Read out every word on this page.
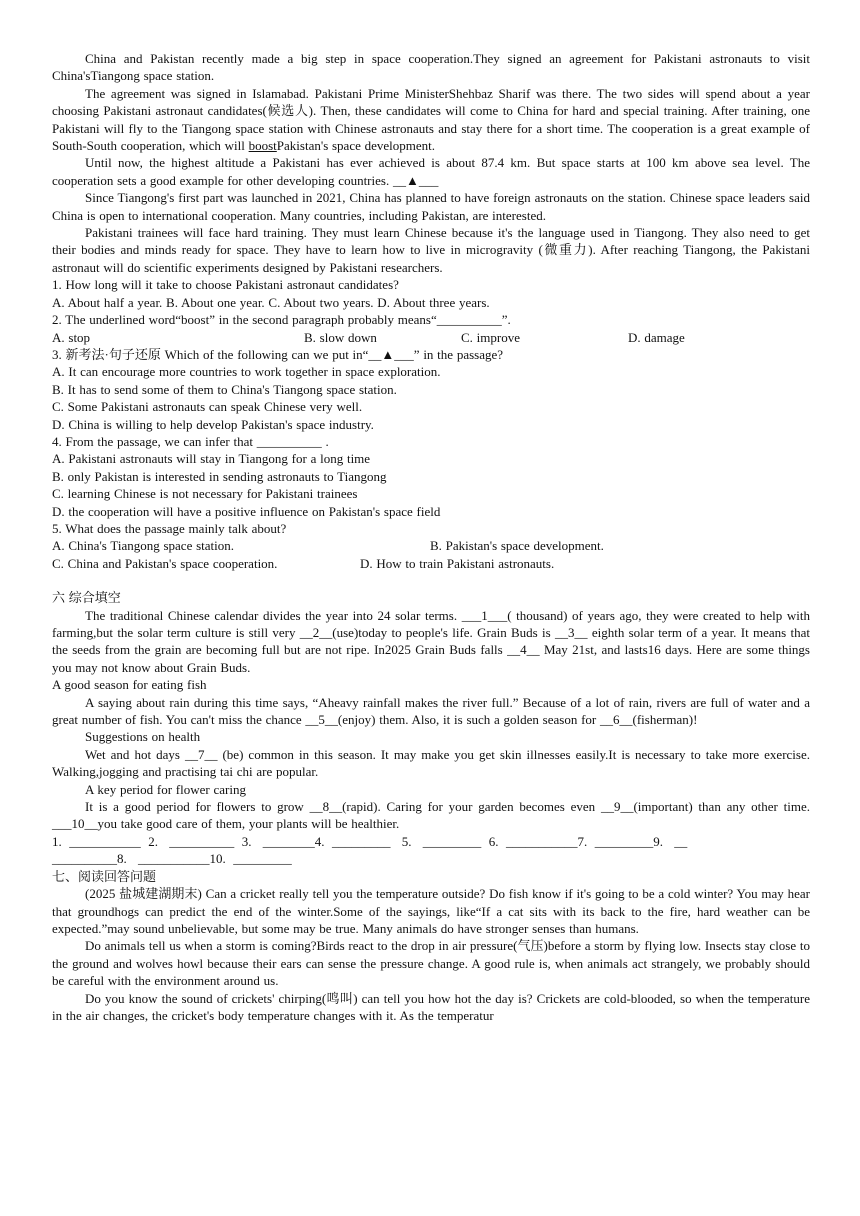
China and Pakistan recently made a big step in space cooperation.They signed an agreement for Pakistani astronauts to visit China'sTiangong space station.

The agreement was signed in Islamabad. Pakistani Prime MinisterShehbaz Sharif was there. The two sides will spend about a year choosing Pakistani astronaut candidates(候选人). Then, these candidates will come to China for hard and special training. After training, one Pakistani will fly to the Tiangong space station with Chinese astronauts and stay there for a short time. The cooperation is a great example of South-South cooperation, which will boostPakistan's space development.

Until now, the highest altitude a Pakistani has ever achieved is about 87.4 km. But space starts at 100 km above sea level. The cooperation sets a good example for other developing countries. __▲___

Since Tiangong's first part was launched in 2021, China has planned to have foreign astronauts on the station. Chinese space leaders said China is open to international cooperation. Many countries, including Pakistan, are interested.

Pakistani trainees will face hard training. They must learn Chinese because it's the language used in Tiangong. They also need to get their bodies and minds ready for space. They have to learn how to live in microgravity (微重力). After reaching Tiangong, the Pakistani astronaut will do scientific experiments designed by Pakistani researchers.

1. How long will it take to choose Pakistani astronaut candidates?

A. About half a year. B. About one year. C. About two years. D. About three years.

2. The underlined word“boost” in the second paragraph probably means“__________”.

A. stop	B. slow down	C. improve	D. damage

3. 新考法·句子还原 Which of the following can we put in“__▲___” in the passage?

A. It can encourage more countries to work together in space exploration.

B. It has to send some of them to China's Tiangong space station.

C. Some Pakistani astronauts can speak Chinese very well.

D. China is willing to help develop Pakistan's space industry.

4. From the passage, we can infer that __________ .

A. Pakistani astronauts will stay in Tiangong for a long time

B. only Pakistan is interested in sending astronauts to Tiangong

C. learning Chinese is not necessary for Pakistani trainees

D. the cooperation will have a positive influence on Pakistan's space field

5. What does the passage mainly talk about?

A. China's Tiangong space station.	B. Pakistan's space development.
C. China and Pakistan's space cooperation.	D. How to train Pakistani astronauts.

六 综合填空

The traditional Chinese calendar divides the year into 24 solar terms. ___1___( thousand) of years ago, they were created to help with farming,but the solar term culture is still very __2__(use)today to people's life. Grain Buds is __3__ eighth solar term of a year. It means that the seeds from the grain are becoming full but are not ripe. In2025 Grain Buds falls __4__ May 21st, and lasts16 days. Here are some things you may not know about Grain Buds.

A good season for eating fish

A saying about rain during this time says, “Aheavy rainfall makes the river full.” Because of a lot of rain, rivers are full of water and a great number of fish. You can't miss the chance __5__(enjoy) them. Also, it is such a golden season for __6__(fisherman)!

Suggestions on health

Wet and hot days __7__ (be) common in this season. It may make you get skin illnesses easily.It is necessary to take more exercise. Walking,jogging and practising tai chi are popular.

A key period for flower caring

It is a good period for flowers to grow __8__(rapid). Caring for your garden becomes even __9__(important) than any other time. ___10__you take good care of them, your plants will be healthier.

1.  ___________  2.   __________  3.   ________4.  _________   5.   _________  6.  ___________7.  _________9.   __

__________8.   ___________10.  _________

七、阅读回答问题

(2025 盐城建湖期末) Can a cricket really tell you the temperature outside? Do fish know if it's going to be a cold winter? You may hear that groundhogs can predict the end of the winter.Some of the sayings, like“If a cat sits with its back to the fire, hard weather can be expected.”may sound unbelievable, but some may be true. Many animals do have stronger senses than humans.

Do animals tell us when a storm is coming?Birds react to the drop in air pressure(气压)before a storm by flying low. Insects stay close to the ground and wolves howl because their ears can sense the pressure change. A good rule is, when animals act strangely, we probably should be careful with the environment around us.

Do you know the sound of crickets' chirping(鸣叫) can tell you how hot the day is? Crickets are cold-blooded, so when the temperature in the air changes, the cricket's body temperature changes with it. As the temperatur
